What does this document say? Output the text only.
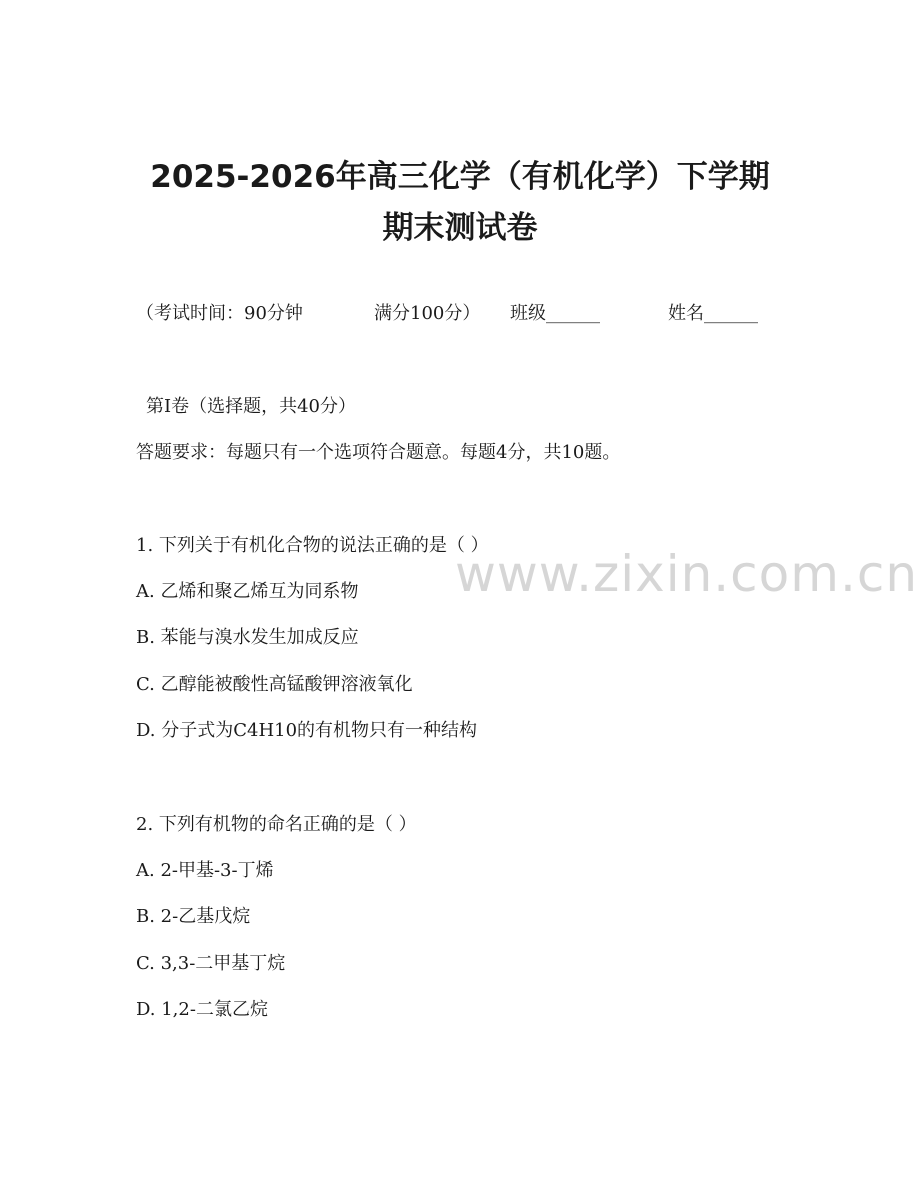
2025-2026年高三化学（有机化学）下学期
期末测试卷
（考试时间：90分钟	满分100分） 班级______	姓名______

第Ⅰ卷（选择题，共40分）

答题要求：每题只有一个选项符合题意。每题4分，共10题。

www.zixin.com.cn

1. 下列关于有机化合物的说法正确的是（ ）

A. 乙烯和聚乙烯互为同系物

B. 苯能与溴水发生加成反应

C. 乙醇能被酸性高锰酸钾溶液氧化

D. 分子式为C4H10的有机物只有一种结构

2. 下列有机物的命名正确的是（ ）

A. 2-甲基-3-丁烯

B. 2-乙基戊烷

C. 3,3-二甲基丁烷

D. 1,2-二氯乙烷
